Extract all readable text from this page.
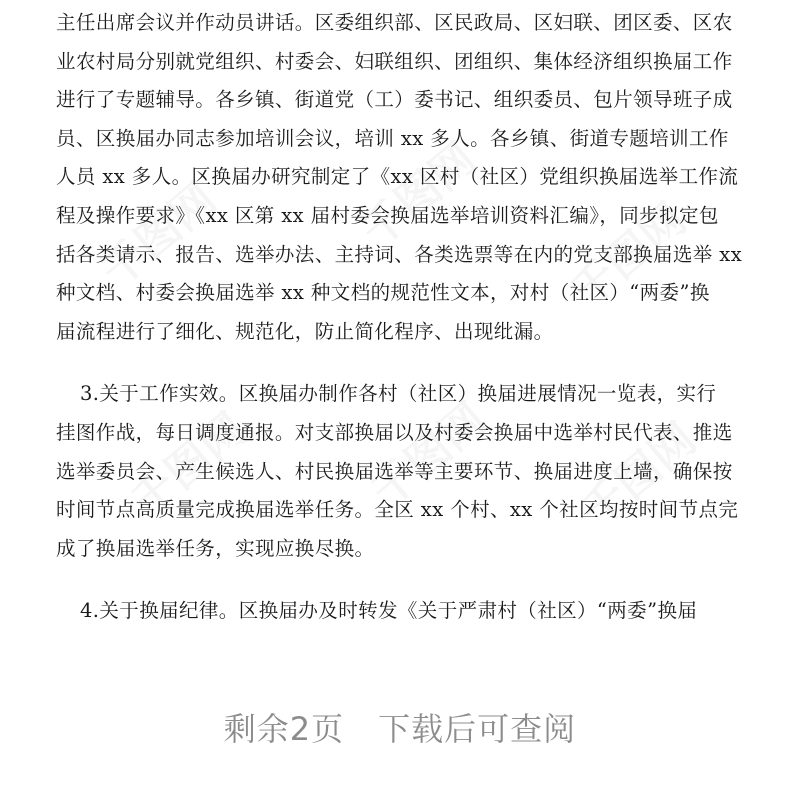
千图网	千图网 千图网
千图网 千图网 千图网
主任出席会议并作动员讲话。区委组织部、区民政局、区妇联、团区委、区农
业农村局分别就党组织、村委会、妇联组织、团组织、集体经济组织换届工作
进行了专题辅导。各乡镇、街道党（工）委书记、组织委员、包片领导班子成
员、区换届办同志参加培训会议，培训 xx 多人。各乡镇、街道专题培训工作
人员 xx 多人。区换届办研究制定了《xx 区村（社区）党组织换届选举工作流
程及操作要求》《xx 区第 xx 届村委会换届选举培训资料汇编》，同步拟定包
括各类请示、报告、选举办法、主持词、各类选票等在内的党支部换届选举 xx
种文档、村委会换届选举 xx 种文档的规范性文本，对村（社区）“两委”换
届流程进行了细化、规范化，防止简化程序、出现纰漏。
3.关于工作实效。区换届办制作各村（社区）换届进展情况一览表，实行
挂图作战，每日调度通报。对支部换届以及村委会换届中选举村民代表、推选
选举委员会、产生候选人、村民换届选举等主要环节、换届进度上墙，确保按
时间节点高质量完成换届选举任务。全区 xx 个村、xx 个社区均按时间节点完
成了换届选举任务，实现应换尽换。
4.关于换届纪律。区换届办及时转发《关于严肃村（社区）“两委”换届
剩余2页 下载后可查阅
